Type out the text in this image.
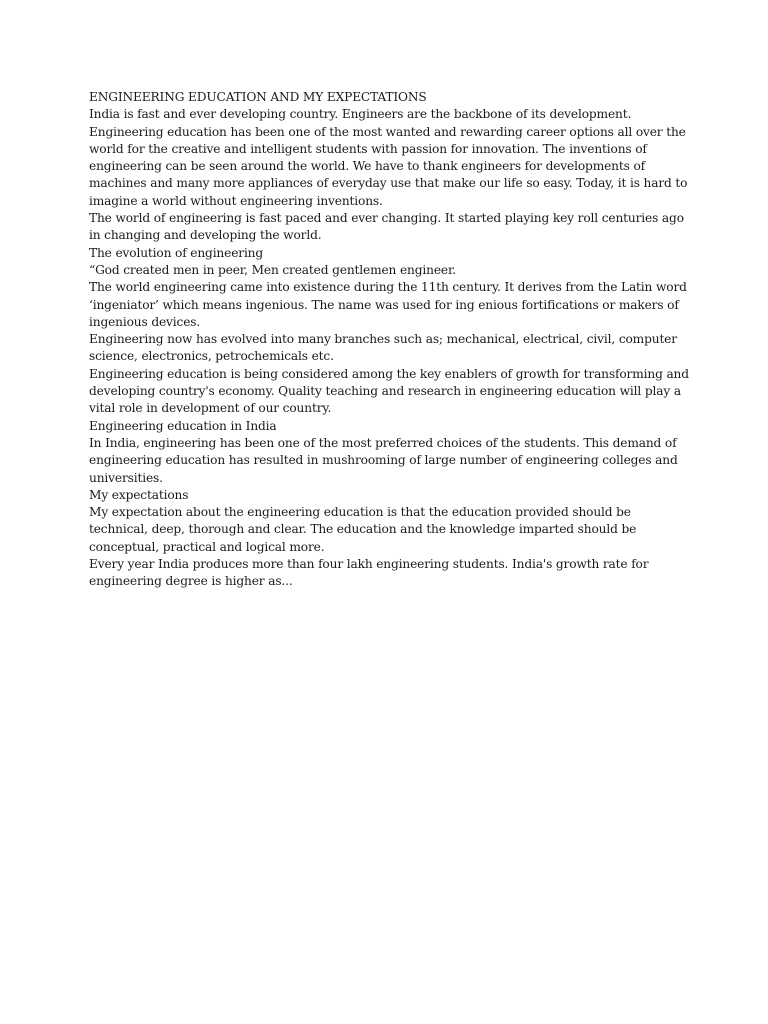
ENGINEERING EDUCATION AND MY EXPECTATIONS

India is fast and ever developing country. Engineers are the backbone of its development. Engineering education has been one of the most wanted and rewarding career options all over the world for the creative and intelligent students with passion for innovation. The inventions of engineering can be seen around the world. We have to thank engineers for developments of machines and many more appliances of everyday use that make our life so easy. Today, it is hard to imagine a world without engineering inventions.

The world of engineering is fast paced and ever changing. It started playing key roll centuries ago in changing and developing the world.

The evolution of engineering

“God created men in peer, Men created gentlemen engineer.

The world engineering came into existence during the 11th century. It derives from the Latin word ‘ingeniator’ which means ingenious. The name was used for ing enious fortifications or makers of ingenious devices.

Engineering now has evolved into many branches such as; mechanical, electrical, civil, computer science, electronics, petrochemicals etc.

Engineering education is being considered among the key enablers of growth for transforming and developing country's economy. Quality teaching and research in engineering education will play a vital role in development of our country.

Engineering education in India

In India, engineering has been one of the most preferred choices of the students. This demand of engineering education has resulted in mushrooming of large number of engineering colleges and universities.

My expectations

My expectation about the engineering education is that the education provided should be technical, deep, thorough and clear. The education and the knowledge imparted should be conceptual, practical and logical more.

Every year India produces more than four lakh engineering students. India's growth rate for engineering degree is higher as...
